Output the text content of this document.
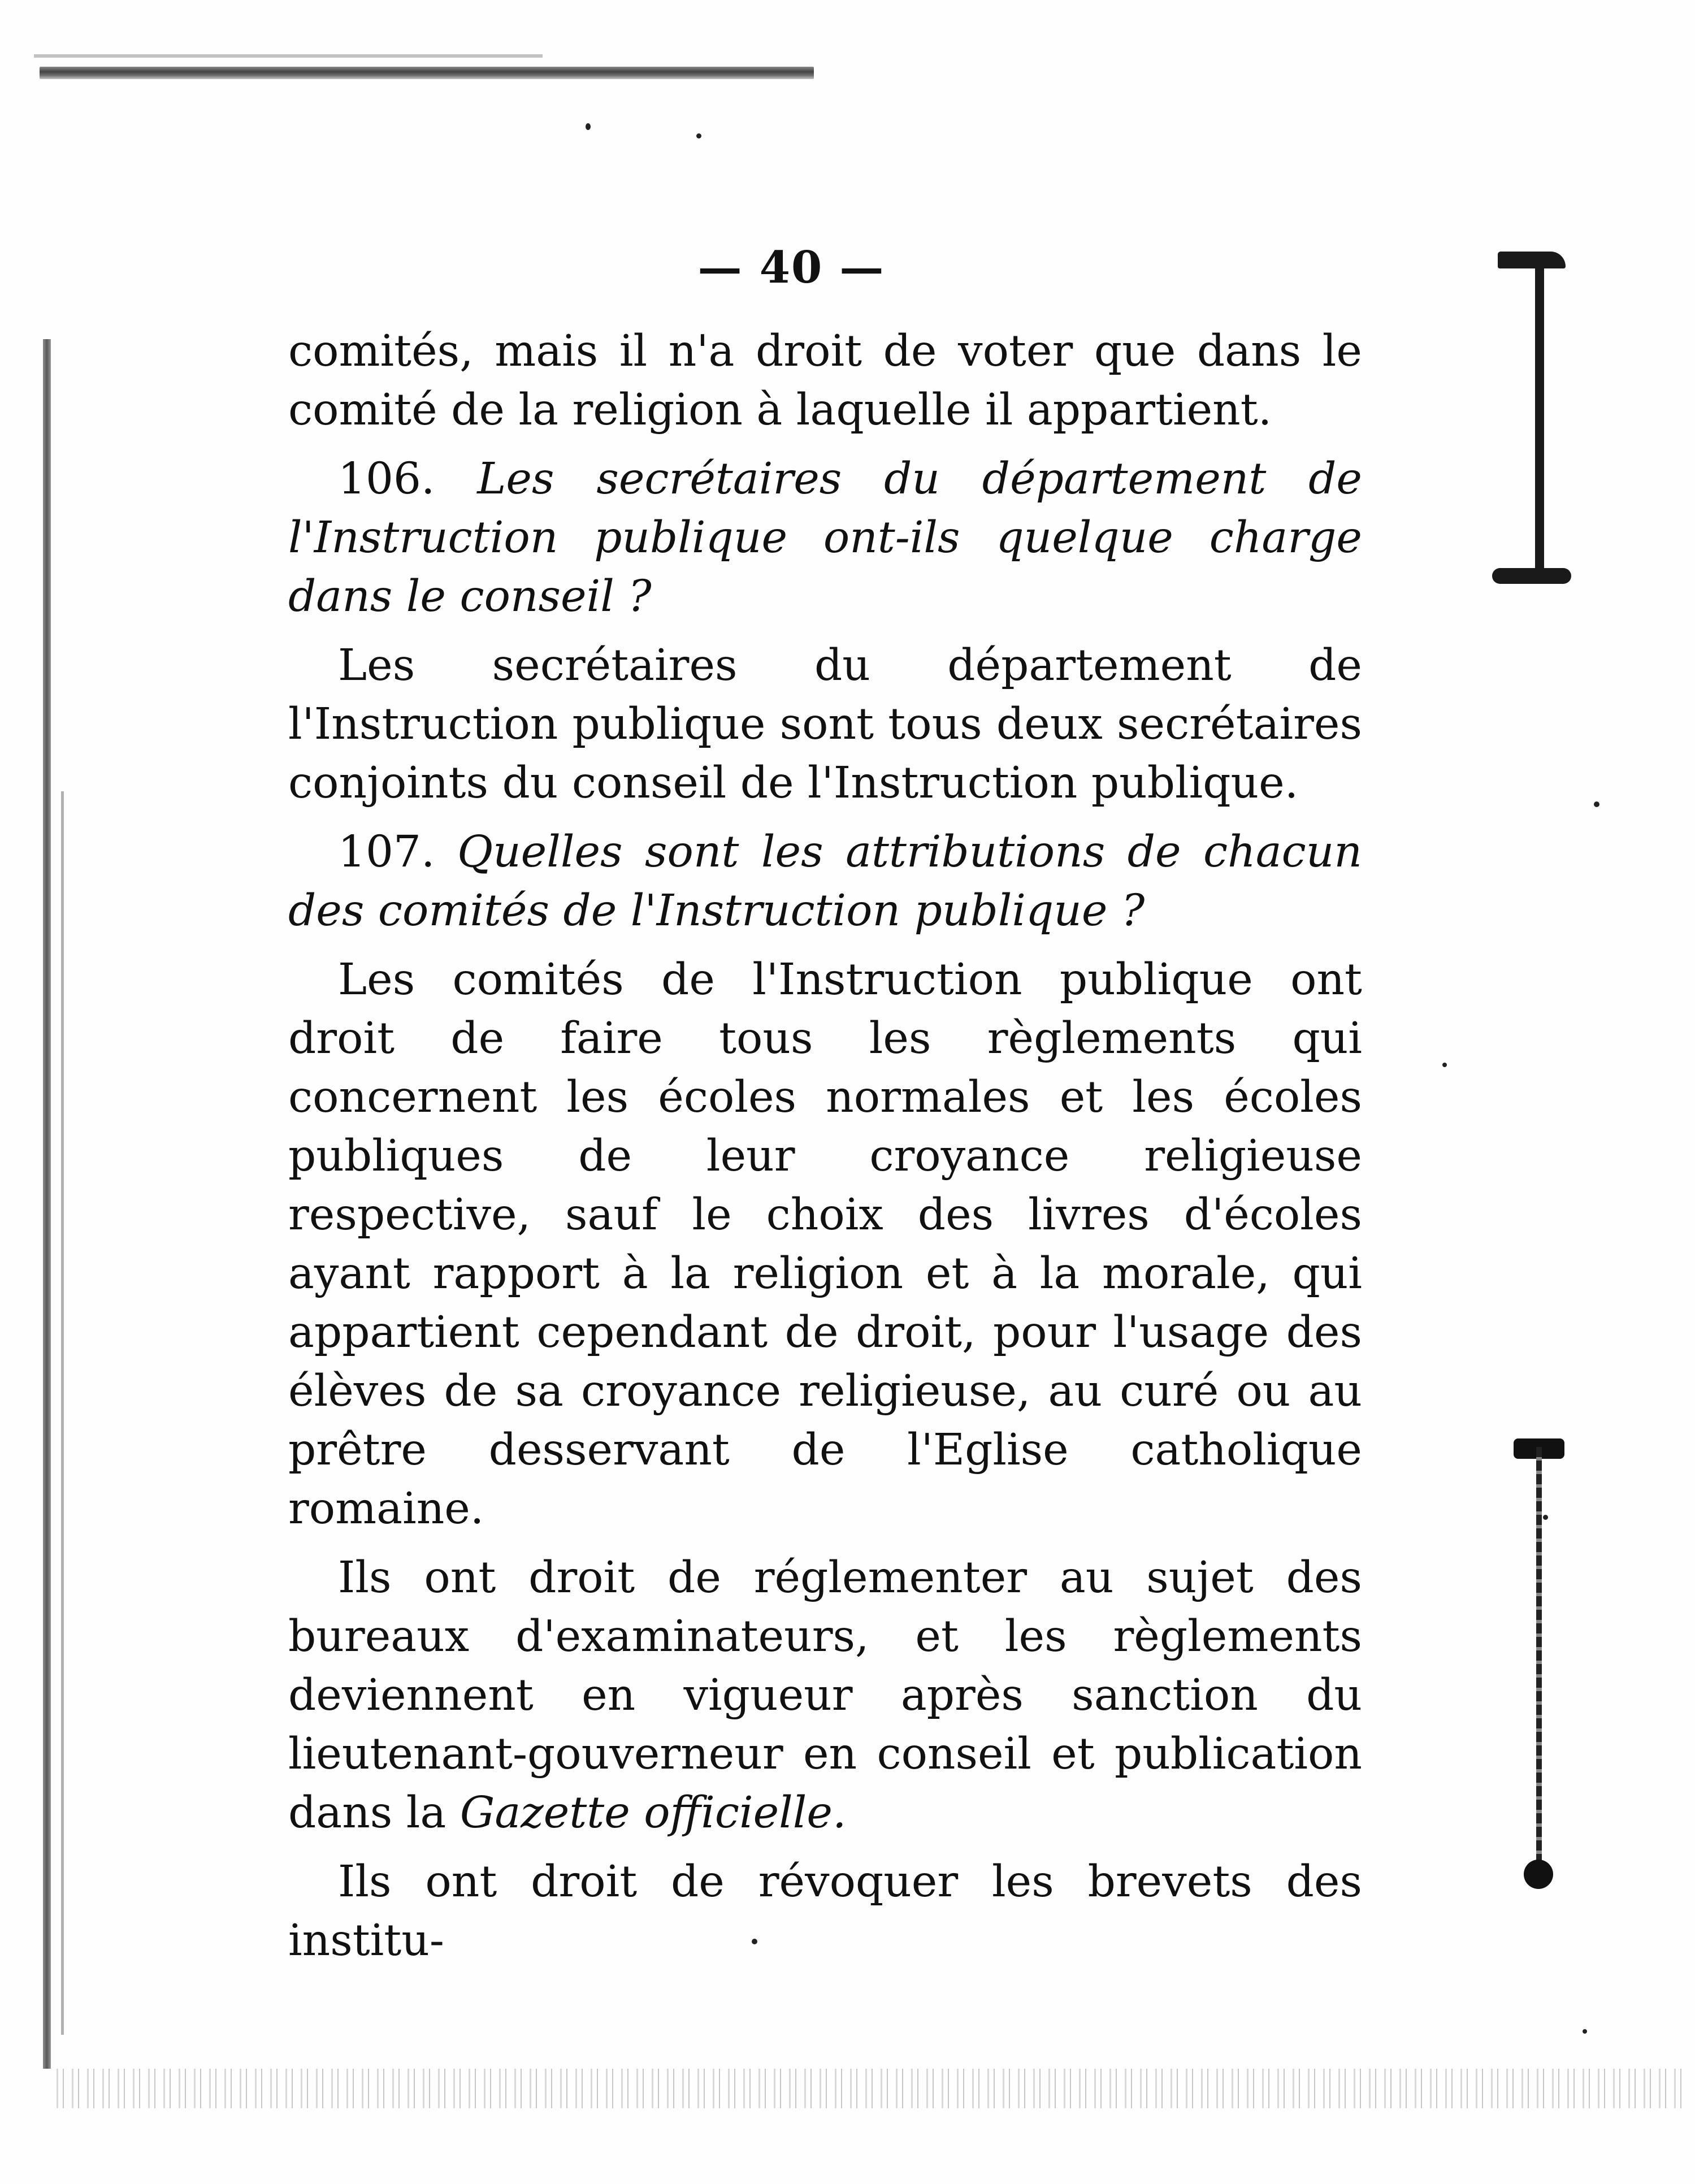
— 40 —

comités, mais il n'a droit de voter que dans le comité de la religion à laquelle il appartient.

106. Les secrétaires du département de l'Instruction publique ont-ils quelque charge dans le conseil ?

Les secrétaires du département de l'Instruction publique sont tous deux secrétaires conjoints du conseil de l'Instruction publique.

107. Quelles sont les attributions de chacun des comités de l'Instruction publique ?

Les comités de l'Instruction publique ont droit de faire tous les règlements qui concernent les écoles normales et les écoles publiques de leur croyance religieuse respective, sauf le choix des livres d'écoles ayant rapport à la religion et à la morale, qui appartient cependant de droit, pour l'usage des élèves de sa croyance religieuse, au curé ou au prêtre desservant de l'Eglise catholique romaine.

Ils ont droit de réglementer au sujet des bureaux d'examinateurs, et les règlements deviennent en vigueur après sanction du lieutenant-gouverneur en conseil et publication dans la Gazette officielle.

Ils ont droit de révoquer les brevets des institu-
